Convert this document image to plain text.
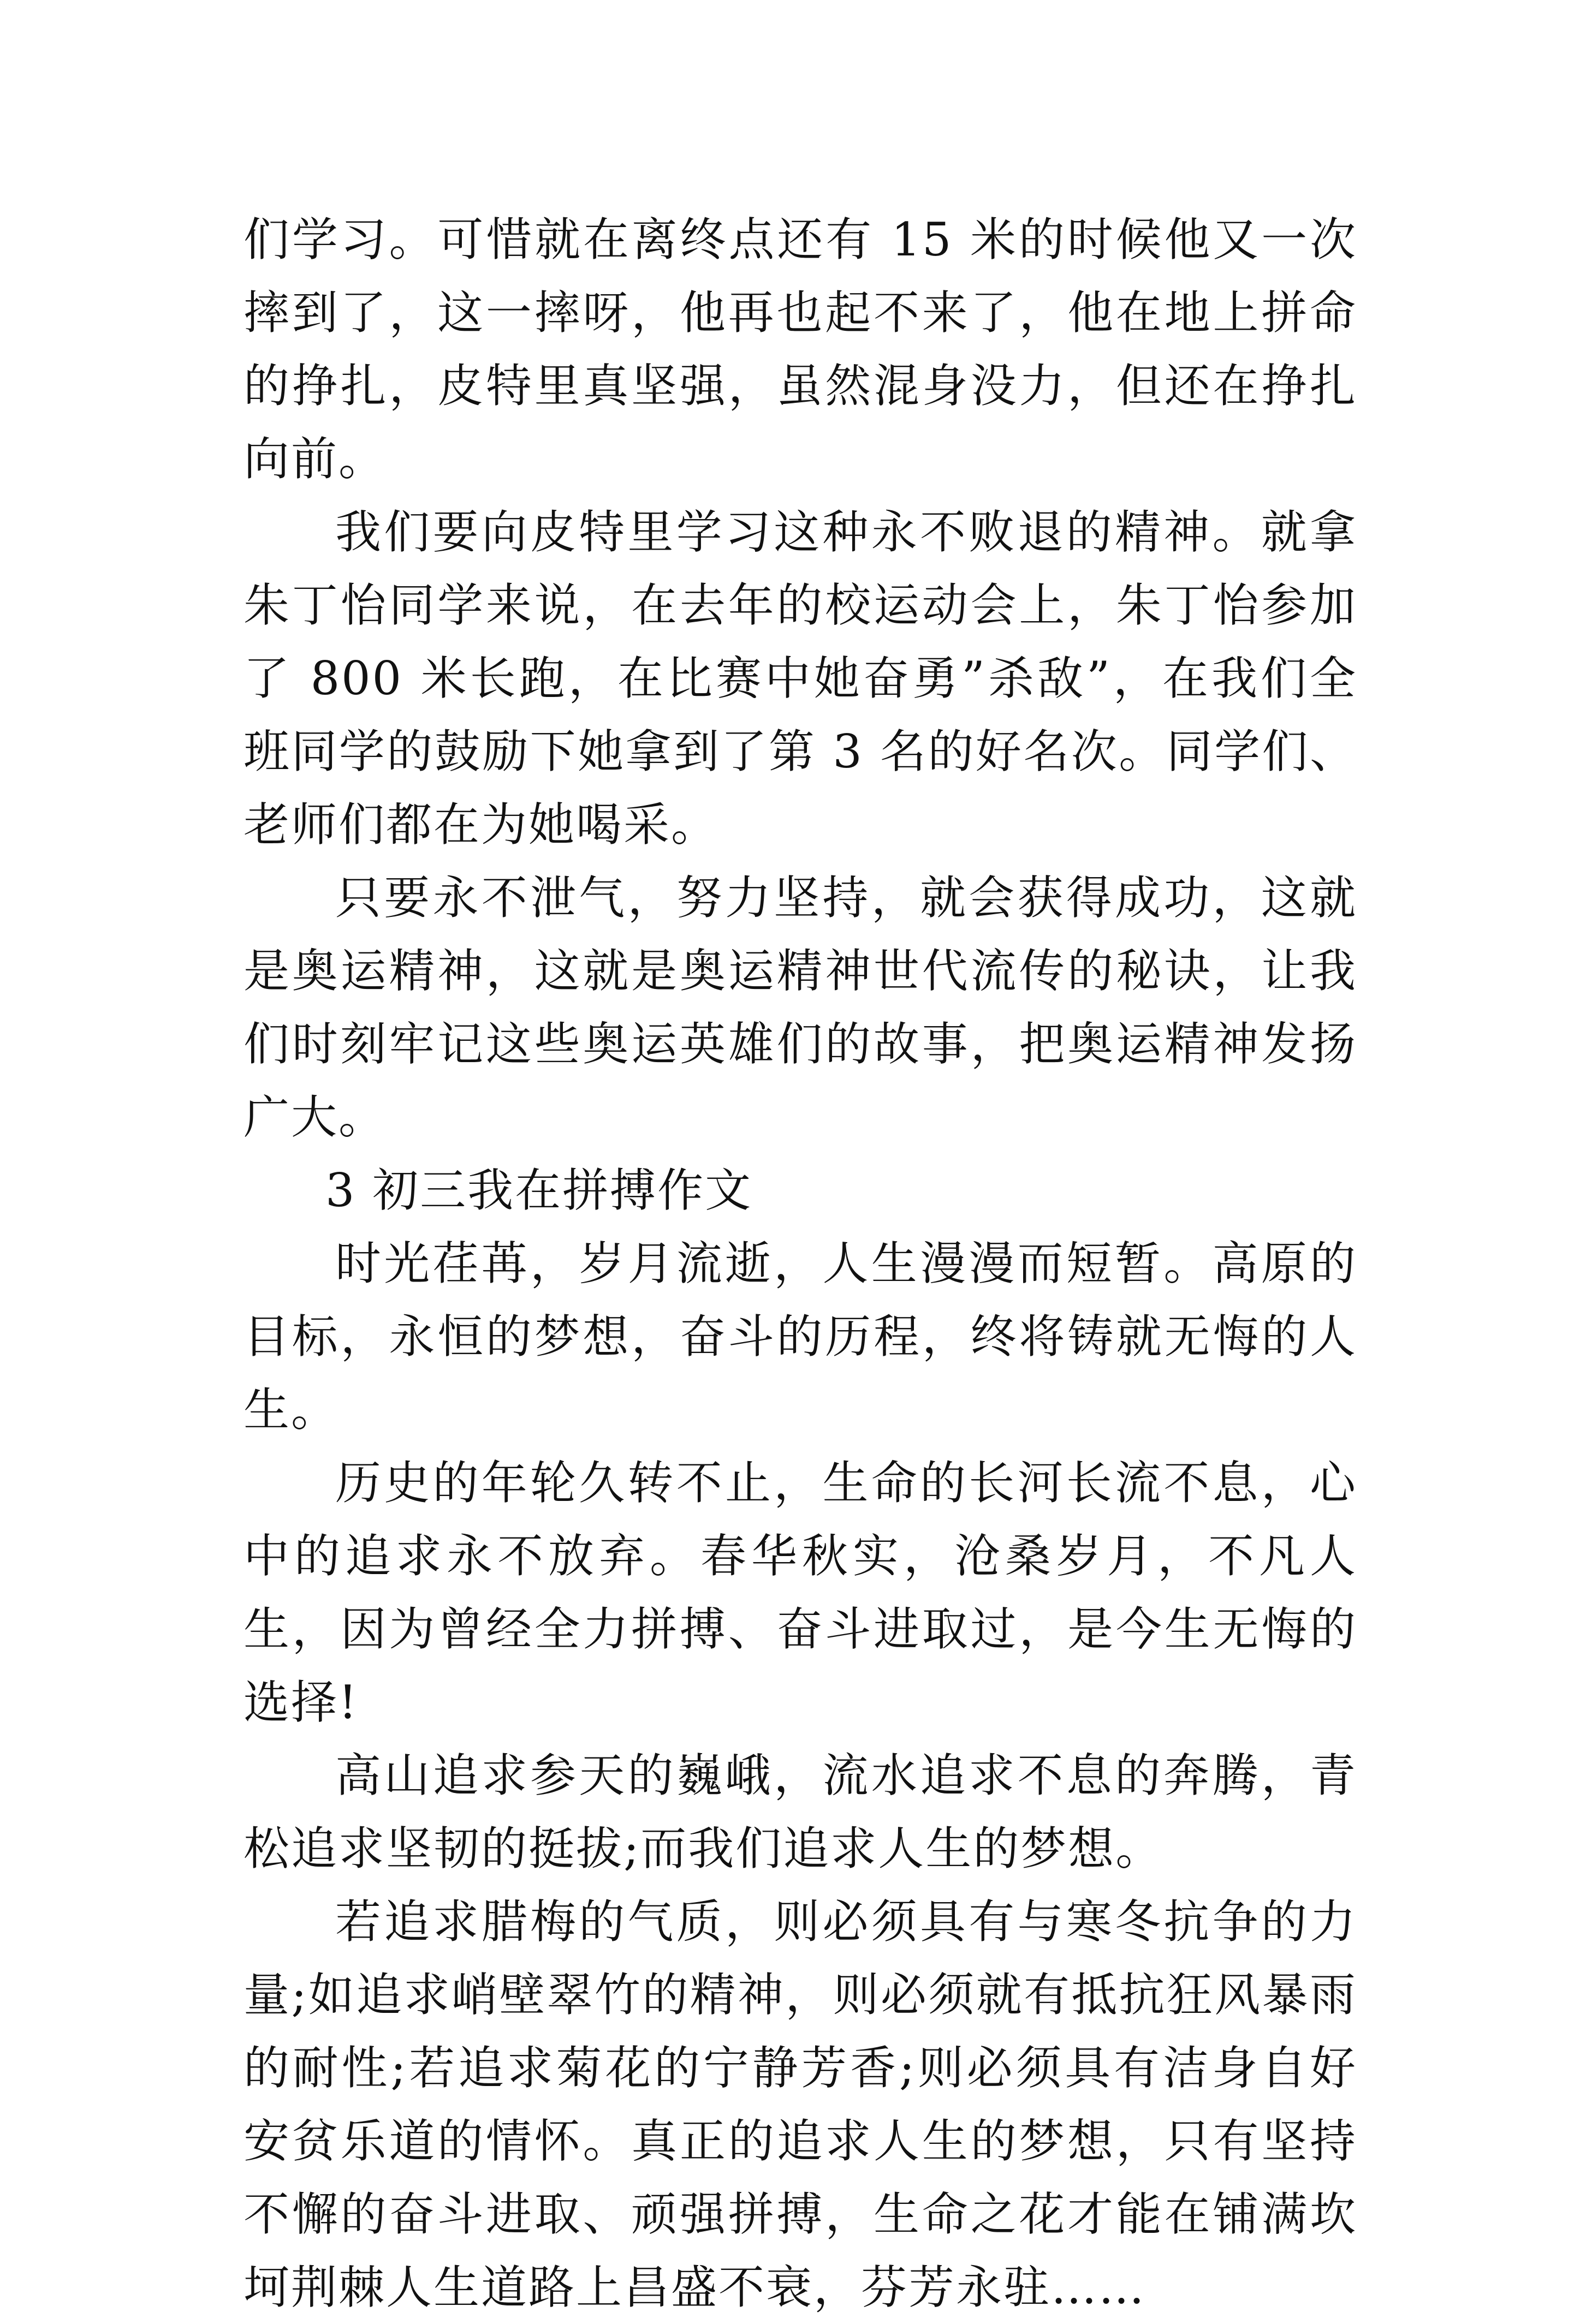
们学习。可惜就在离终点还有 15 米的时候他又一次摔到了，这一摔呀，他再也起不来了，他在地上拼命的挣扎，皮特里真坚强，虽然混身没力，但还在挣扎向前。

我们要向皮特里学习这种永不败退的精神。就拿朱丁怡同学来说，在去年的校运动会上，朱丁怡参加了 800 米长跑，在比赛中她奋勇”杀敌”，在我们全班同学的鼓励下她拿到了第 3 名的好名次。同学们、老师们都在为她喝采。

只要永不泄气，努力坚持，就会获得成功，这就是奥运精神，这就是奥运精神世代流传的秘诀，让我们时刻牢记这些奥运英雄们的故事，把奥运精神发扬广大。

3 初三我在拼搏作文

时光荏苒，岁月流逝，人生漫漫而短暂。高原的目标，永恒的梦想，奋斗的历程，终将铸就无悔的人生。

历史的年轮久转不止，生命的长河长流不息，心中的追求永不放弃。春华秋实，沧桑岁月，不凡人生，因为曾经全力拼搏、奋斗进取过，是今生无悔的选择!

高山追求参天的巍峨，流水追求不息的奔腾，青松追求坚韧的挺拔;而我们追求人生的梦想。

若追求腊梅的气质，则必须具有与寒冬抗争的力量;如追求峭壁翠竹的精神，则必须就有抵抗狂风暴雨的耐性;若追求菊花的宁静芳香;则必须具有洁身自好安贫乐道的情怀。真正的追求人生的梦想，只有坚持不懈的奋斗进取、顽强拼搏，生命之花才能在铺满坎坷荆棘人生道路上昌盛不衰，芬芳永驻……
